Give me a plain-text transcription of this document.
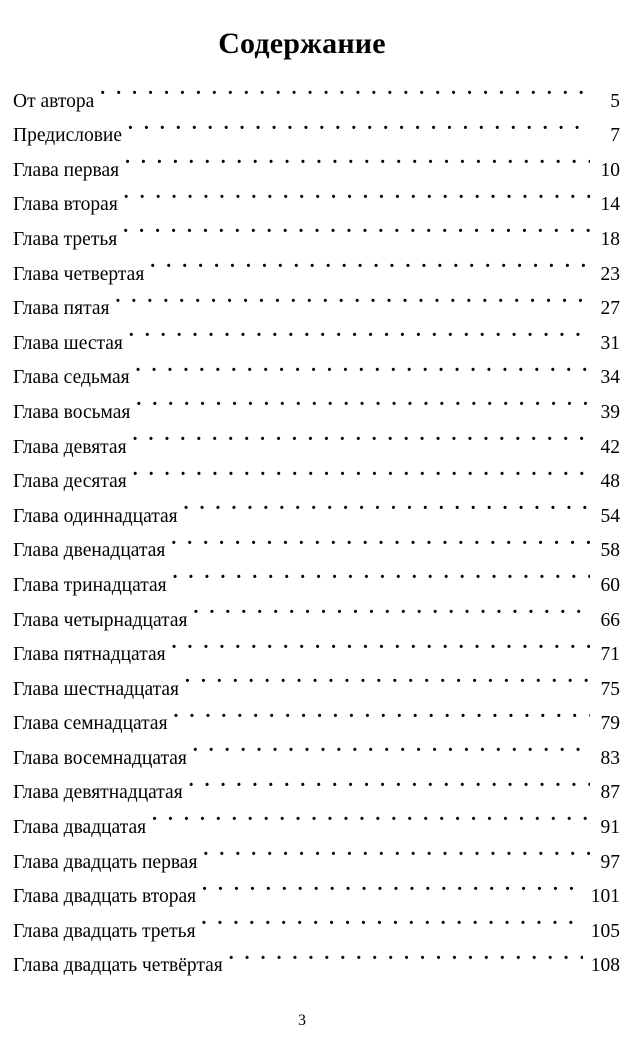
Содержание
От автора . . .	5
Предисловие . . .	7
Глава первая . . .	10
Глава вторая . . .	14
Глава третья . . .	18
Глава четвертая . . .	23
Глава пятая . . .	27
Глава шестая . . .	31
Глава седьмая . . .	34
Глава восьмая . . .	39
Глава девятая . . .	42
Глава десятая . . .	48
Глава одиннадцатая . . .	54
Глава двенадцатая . . .	58
Глава тринадцатая . . .	60
Глава четырнадцатая . . .	66
Глава пятнадцатая . . .	71
Глава шестнадцатая . . .	75
Глава семнадцатая . . .	79
Глава восемнадцатая . . .	83
Глава девятнадцатая . . .	87
Глава двадцатая . . .	91
Глава двадцать первая . . .	97
Глава двадцать вторая . . .	101
Глава двадцать третья . . .	105
Глава двадцать четвёртая . . .	108
3
